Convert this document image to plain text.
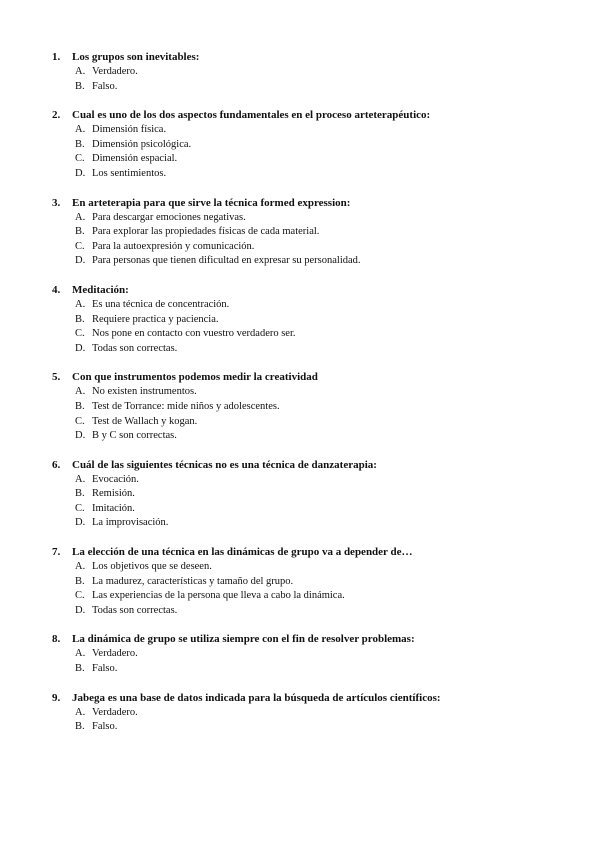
1. Los grupos son inevitables:
A. Verdadero.
B. Falso.
2. Cual es uno de los dos aspectos fundamentales en el proceso arteterapéutico:
A. Dimensión física.
B. Dimensión psicológica.
C. Dimensión espacial.
D. Los sentimientos.
3. En arteterapia para que sirve la técnica formed expression:
A. Para descargar emociones negativas.
B. Para explorar las propiedades físicas de cada material.
C. Para la autoexpresión y comunicación.
D. Para personas que tienen dificultad en expresar su personalidad.
4. Meditación:
A. Es una técnica de concentración.
B. Requiere practica y paciencia.
C. Nos pone en contacto con vuestro verdadero ser.
D. Todas son correctas.
5. Con que instrumentos podemos medir la creatividad
A. No existen instrumentos.
B. Test de Torrance: mide niños y adolescentes.
C. Test de Wallach y kogan.
D. B y C son correctas.
6. Cuál de las siguientes técnicas no es una técnica de danzaterapia:
A. Evocación.
B. Remisión.
C. Imitación.
D. La improvisación.
7. La elección de una técnica en las dinámicas de grupo va a depender de…
A. Los objetivos que se deseen.
B. La madurez, características y tamaño del grupo.
C. Las experiencias de la persona que lleva a cabo la dinámica.
D. Todas son correctas.
8. La dinámica de grupo se utiliza siempre con el fin de resolver problemas:
A. Verdadero.
B. Falso.
9. Jabega es una base de datos indicada para la búsqueda de artículos científicos:
A. Verdadero.
B. Falso.
